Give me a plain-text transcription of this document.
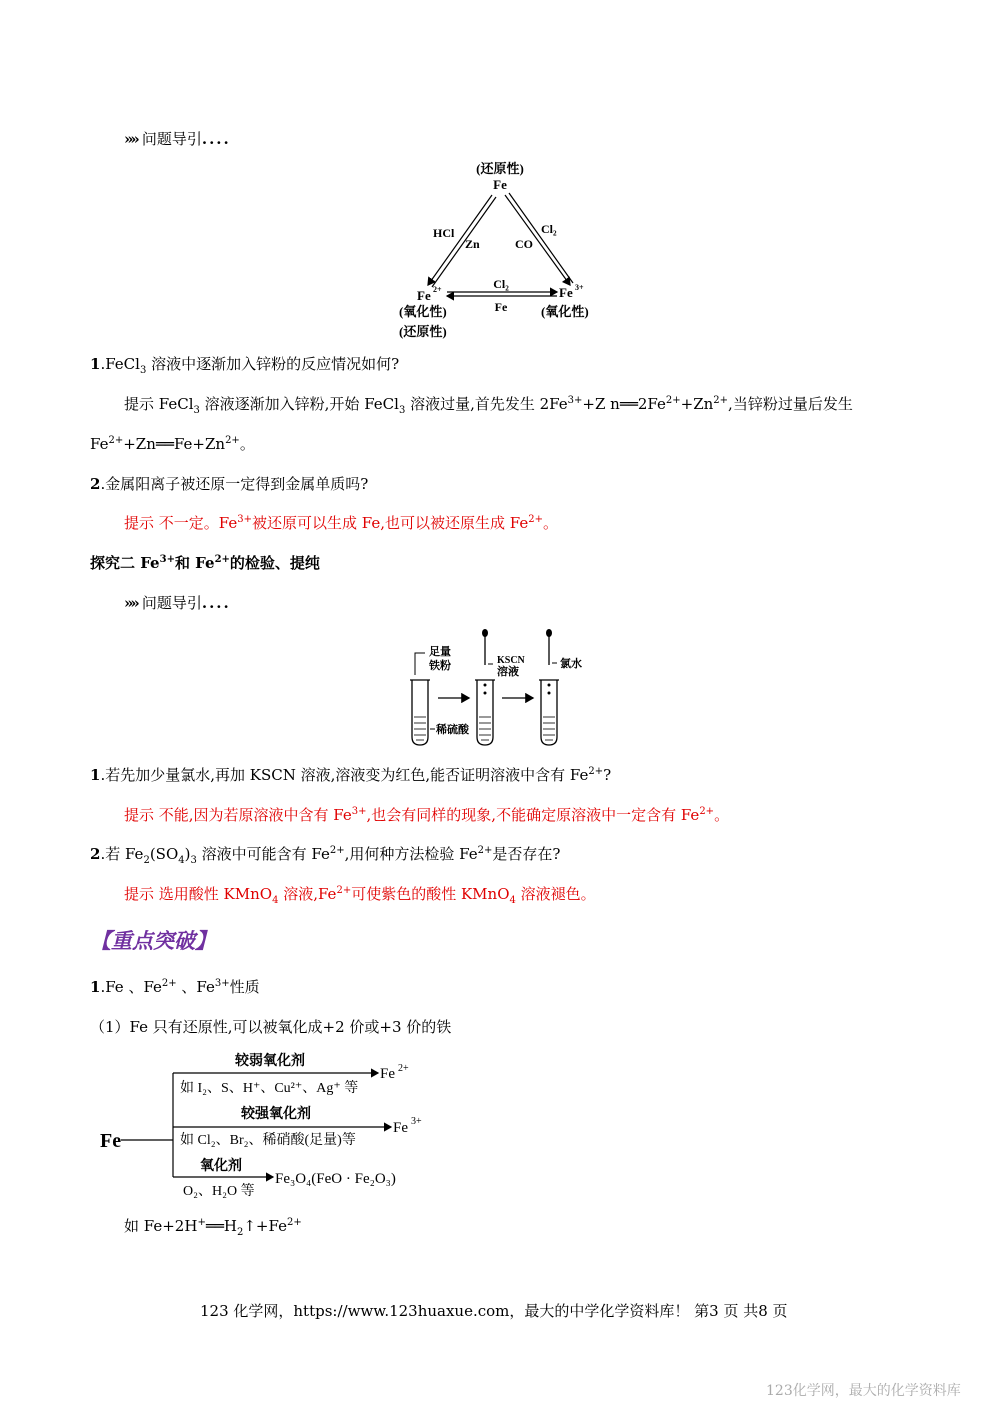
»» 问题导引....
(还原性)
Fe
HCl
Zn
Cl₂
CO
Cl₂
Fe
Fe 2+
(氧化性)
(还原性)
Fe 3+
(氧化性)
1.FeCl$_3$ 溶液中逐渐加入锌粉的反应情况如何?
提示 FeCl$_3$ 溶液逐渐加入锌粉,开始 FeCl$_3$ 溶液过量,首先发生 $2Fe^{3+}+Z$ $n══2Fe^{2+}+Zn^{2+}$,当锌粉过量后发生
$Fe^{2+}+Zn══Fe+Zn^{2+}$。
2.金属阳离子被还原一定得到金属单质吗?
提示 不一定。$Fe^{3+}$被还原可以生成 Fe,也可以被还原生成 $Fe^{2+}$。
探究二 $Fe^{3+}$和 $Fe^{2+}$的检验、提纯
»» 问题导引....
足量
铁粉
稀硫酸
KSCN
溶液
氯水
1.若先加少量氯水,再加 KSCN 溶液,溶液变为红色,能否证明溶液中含有 $Fe^{2+}$?
提示 不能,因为若原溶液中含有 $Fe^{3+}$,也会有同样的现象,不能确定原溶液中一定含有 $Fe^{2+}$。
2.若 $Fe_2(SO_4)_3$ 溶液中可能含有 $Fe^{2+}$,用何种方法检验 $Fe^{2+}$是否存在?
提示 选用酸性 KMnO$_4$ 溶液$,Fe^{2+}$可使紫色的酸性 KMnO$_4$ 溶液褪色。
【重点突破】
1.Fe 、$Fe^{2+}$ 、$Fe^{3+}$性质
（1）Fe 只有还原性,可以被氧化成+2 价或+3 价的铁
Fe
较弱氧化剂
如 I₂、S、H⁺、Cu²⁺、Ag⁺ 等
Fe 2+
较强氧化剂
如 Cl₂、Br₂、稀硝酸(足量)等
Fe 3+
氧化剂
O₂、H₂O 等
Fe₃O₄(FeO · Fe₂O₃)
如 $Fe+2H^+══H_2↑+Fe^{2+}$
123 化学网，https://www.123huaxue.com，最大的中学化学资料库！ 第3 页 共8 页
123化学网，最大的化学资料库
